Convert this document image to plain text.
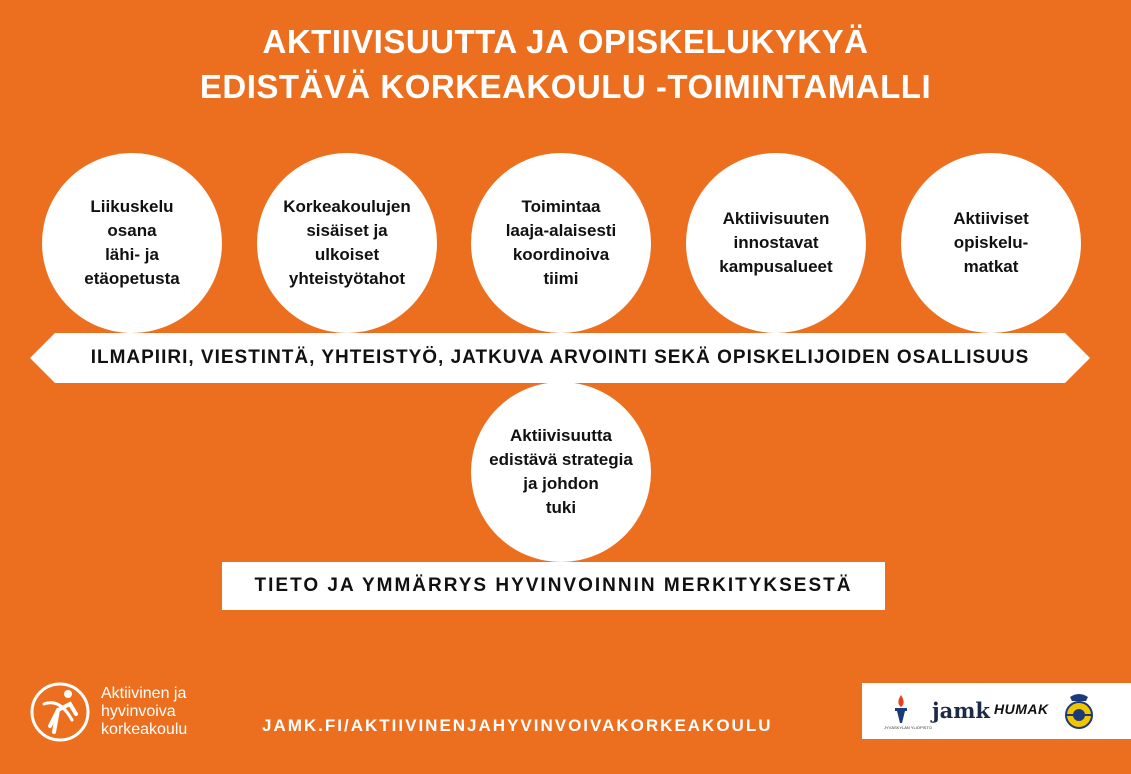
AKTIIVISUUTTA JA OPISKELUKYKYÄ
EDISTÄVÄ KORKEAKOULU -TOIMINTAMALLI
Liikuskelu
osana
lähi- ja
etäopetusta
Korkeakoulujen
sisäiset ja
ulkoiset
yhteistyötahot
Toimintaa
laaja-alaisesti
koordinoiva
tiimi
Aktiivisuuten
innostavat
kampusalueet
Aktiiviset
opiskelu-
matkat
ILMAPIIRI, VIESTINTÄ, YHTEISTYÖ, JATKUVA ARVOINTI SEKÄ OPISKELIJOIDEN OSALLISUUS
Aktiivisuutta
edistävä strategia
ja johdon
tuki
TIETO JA YMMÄRRYS HYVINVOINNIN MERKITYKSESTÄ
Aktiivinen ja
hyvinvoiva
korkeakoulu	JAMK.FI/AKTIIVINENJAHYVINVOIVAKORKEAKOULU	JYVÄSKYLÄN YLIOPISTO
jamk HUMAK
